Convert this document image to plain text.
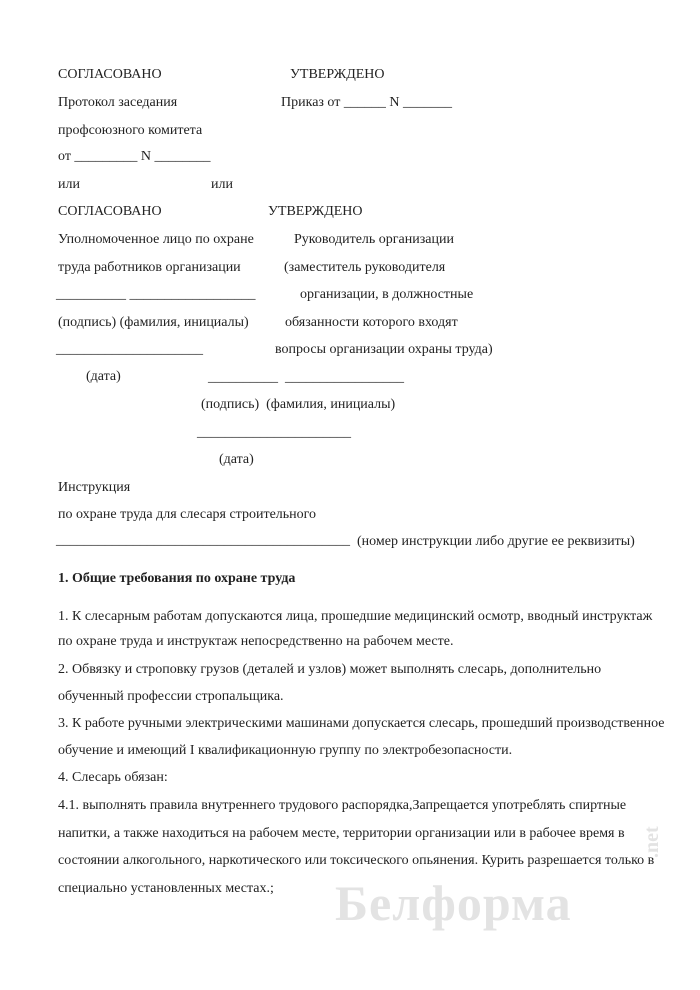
СОГЛАСОВАНО	УТВЕРЖДЕНО
Протокол заседания	Приказ от ______ N _______
профсоюзного комитета
от _________ N ________
или	или
СОГЛАСОВАНО	УТВЕРЖДЕНО
Уполномоченное лицо по охране	Руководитель организации
труда работников организации	(заместитель руководителя
__________ __________________	организации, в должностные
(подпись) (фамилия, инициалы)	обязанности которого входят
_____________________	вопросы организации охраны труда)
(дата)	__________  _________________
(подпись)  (фамилия, инициалы)
______________________
(дата)
Инструкция
по охране труда для слесаря строительного
__________________________________________ (номер инструкции либо другие ее реквизиты)
1. Общие требования по охране труда
1. К слесарным работам допускаются лица, прошедшие медицинский осмотр, вводный инструктаж
по охране труда и инструктаж непосредственно на рабочем месте.
2. Обвязку и строповку грузов (деталей и узлов) может выполнять слесарь, дополнительно
обученный профессии стропальщика.
3. К работе ручными электрическими машинами допускается слесарь, прошедший производственное
обучение и имеющий I квалификационную группу по электробезопасности.
4. Слесарь обязан:
4.1. выполнять правила внутреннего трудового распорядка,Запрещается употреблять спиртные
напитки, а также находиться на рабочем месте, территории организации или в рабочее время в
состоянии алкогольного, наркотического или токсического опьянения. Курить разрешается только в
специально установленных местах.; Белформа
.net
